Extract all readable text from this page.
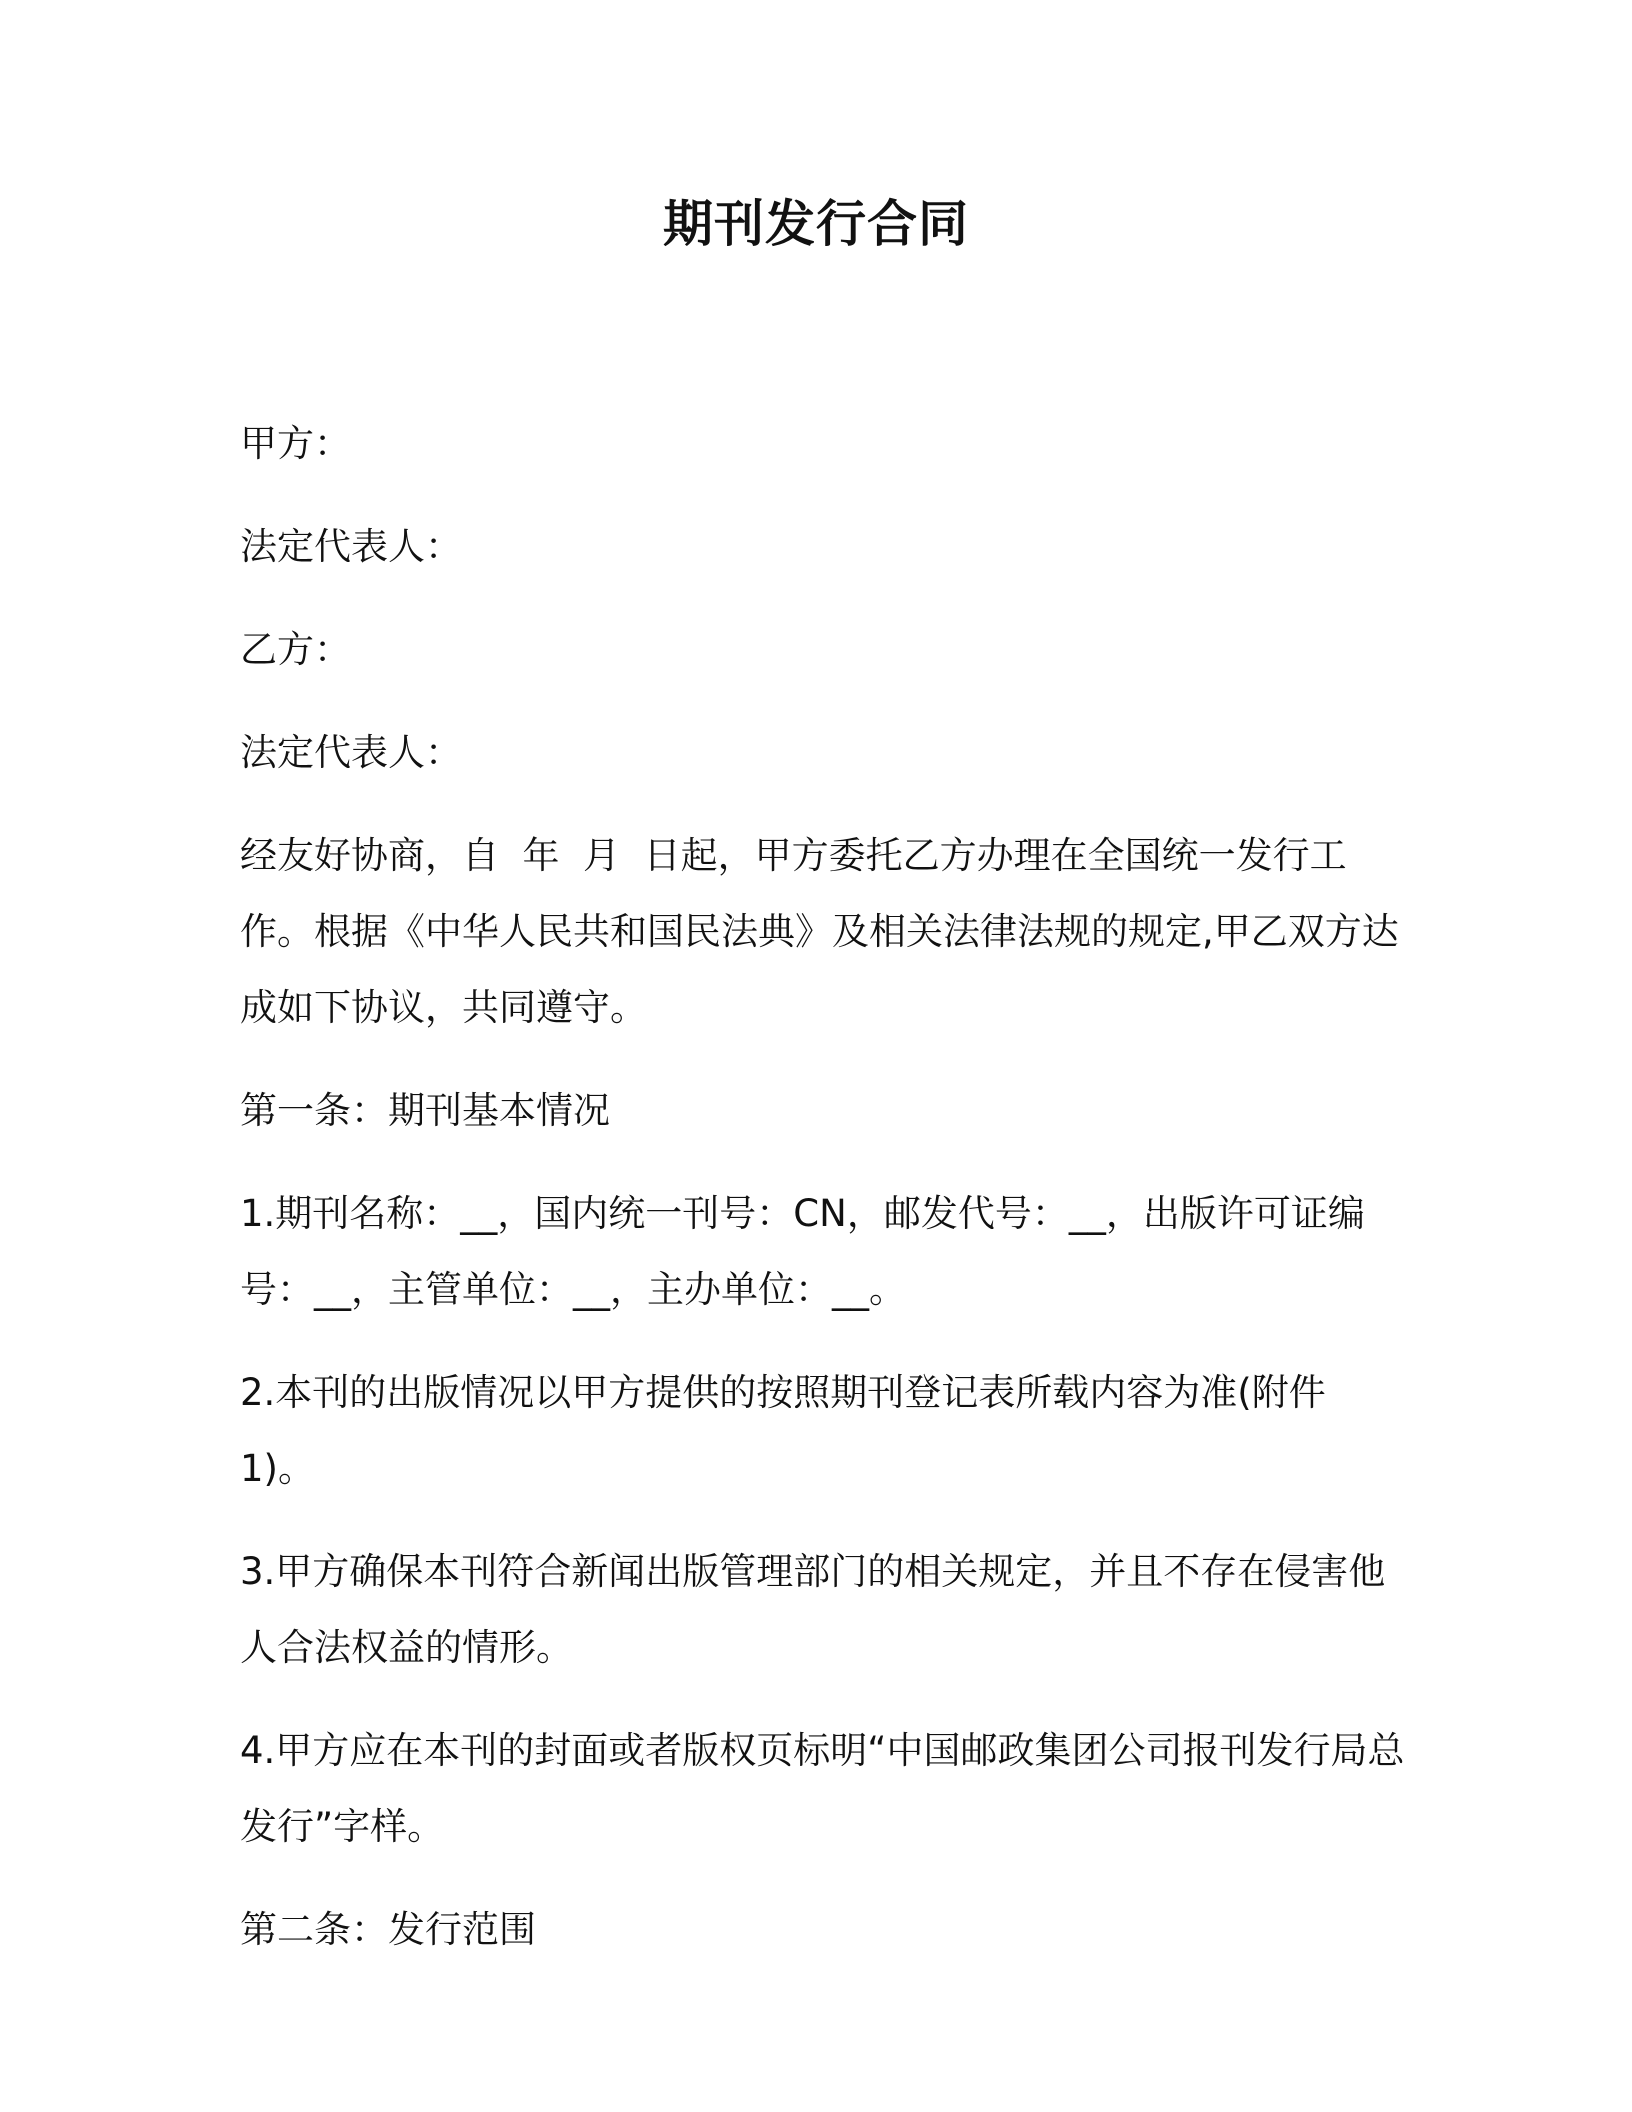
期刊发行合同

甲方：

法定代表人：

乙方：

法定代表人：

经友好协商，自  年  月  日起，甲方委托乙方办理在全国统一发行工作。根据《中华人民共和国民法典》及相关法律法规的规定,甲乙双方达成如下协议，共同遵守。

第一条：期刊基本情况

1.期刊名称：__，国内统一刊号：CN，邮发代号：__，出版许可证编号：__，主管单位：__，主办单位：__。

2.本刊的出版情况以甲方提供的按照期刊登记表所载内容为准(附件 1)。

3.甲方确保本刊符合新闻出版管理部门的相关规定，并且不存在侵害他人合法权益的情形。

4.甲方应在本刊的封面或者版权页标明“中国邮政集团公司报刊发行局总发行”字样。

第二条：发行范围
